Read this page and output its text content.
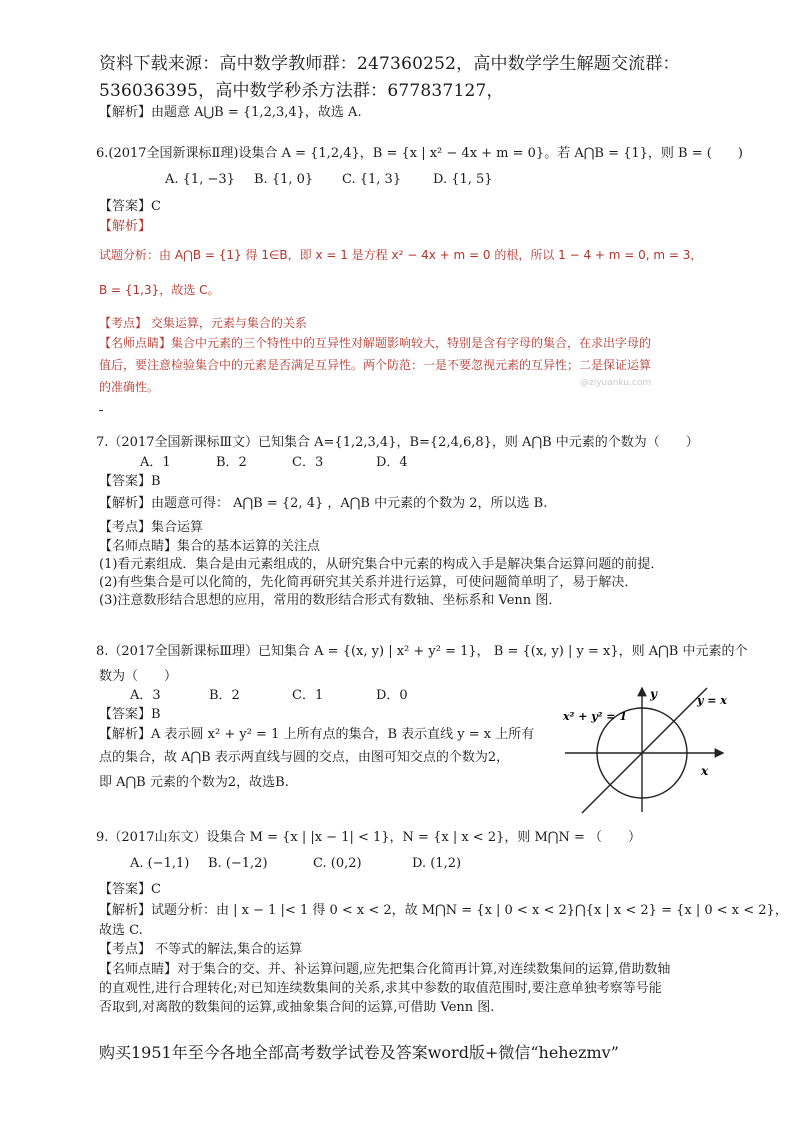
资料下载来源：高中数学教师群：247360252，高中数学学生解题交流群：
536036395，高中数学秒杀方法群：677837127，
【解析】由题意 A⋃B = {1,2,3,4}，故选 A.
6.(2017全国新课标Ⅱ理)设集合 A = {1,2,4}，B = {x | x² − 4x + m = 0}。若 A⋂B = {1}，则 B = (　　)
A. {1, −3} B. {1, 0} C. {1, 3} D. {1, 5}
【答案】C
【解析】
试题分析：由 A⋂B = {1} 得 1∈B，即 x = 1 是方程 x² − 4x + m = 0 的根，所以 1 − 4 + m = 0, m = 3，
B = {1,3}，故选 C。
【考点】 交集运算，元素与集合的关系
【名师点睛】集合中元素的三个特性中的互异性对解题影响较大，特别是含有字母的集合，在求出字母的
值后，要注意检验集合中的元素是否满足互异性。两个防范：一是不要忽视元素的互异性；二是保证运算
的准确性。	@ziyuanku.com
7.（2017全国新课标Ⅲ文）已知集合 A={1,2,3,4}，B={2,4,6,8}，则 A⋂B 中元素的个数为（　　）
A．1	B．2	C．3	D．4
【答案】B
【解析】由题意可得： A⋂B = {2, 4} ，A⋂B 中元素的个数为 2，所以选 B.
【考点】集合运算
【名师点睛】集合的基本运算的关注点
(1)看元素组成．集合是由元素组成的，从研究集合中元素的构成入手是解决集合运算问题的前提．
(2)有些集合是可以化简的，先化简再研究其关系并进行运算，可使问题简单明了，易于解决．
(3)注意数形结合思想的应用，常用的数形结合形式有数轴、坐标系和 Venn 图．
8.（2017全国新课标Ⅲ理）已知集合 A = {(x, y) | x² + y² = 1}， B = {(x, y) | y = x}，则 A⋂B 中元素的个
数为（　　）
A．3	B．2	C．1	D．0
【答案】B
【解析】A 表示圆 x² + y² = 1 上所有点的集合，B 表示直线 y = x 上所有
点的集合，故 A⋂B 表示两直线与圆的交点，由图可知交点的个数为2，
即 A⋂B 元素的个数为2，故选B.
y
x
x² + y² = 1
y = x
9.（2017山东文）设集合 M = {x | |x − 1| < 1}，N = {x | x < 2}，则 M⋂N = （　　）
A. (−1,1) B. (−1,2)	C. (0,2)	D. (1,2)
【答案】C
【解析】试题分析：由 | x − 1 |< 1 得 0 < x < 2，故 M⋂N = {x | 0 < x < 2}⋂{x | x < 2} = {x | 0 < x < 2}，
故选 C.
【考点】 不等式的解法,集合的运算
【名师点睛】对于集合的交、并、补运算问题,应先把集合化简再计算,对连续数集间的运算,借助数轴
的直观性,进行合理转化;对已知连续数集间的关系,求其中参数的取值范围时,要注意单独考察等号能
否取到,对离散的数集间的运算,或抽象集合间的运算,可借助 Venn 图.
购买1951年至今各地全部高考数学试卷及答案word版+微信“hehezmv”
